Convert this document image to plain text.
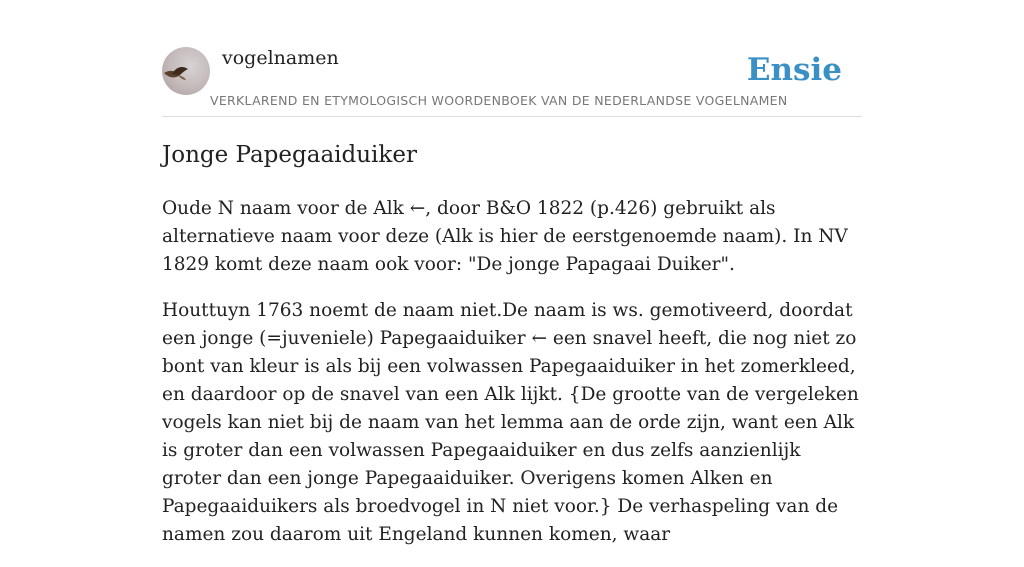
vogelnamen
VERKLAREND EN ETYMOLOGISCH WOORDENBOEK VAN DE NEDERLANDSE VOGELNAMEN
Ensie
Jonge Papegaaiduiker

Oude N naam voor de Alk ←, door B&O 1822 (p.426) gebruikt als alternatieve naam voor deze (Alk is hier de eerstgenoemde naam). In NV 1829 komt deze naam ook voor: "De jonge Papagaai Duiker".

Houttuyn 1763 noemt de naam niet.De naam is ws. gemotiveerd, doordat een jonge (=juveniele) Papegaaiduiker ← een snavel heeft, die nog niet zo bont van kleur is als bij een volwassen Papegaaiduiker in het zomerkleed, en daardoor op de snavel van een Alk lijkt. {De grootte van de vergeleken vogels kan niet bij de naam van het lemma aan de orde zijn, want een Alk is groter dan een volwassen Papegaaiduiker en dus zelfs aanzienlijk groter dan een jonge Papegaaiduiker. Overigens komen Alken en Papegaaiduikers als broedvogel in N niet voor.} De verhaspeling van de namen zou daarom uit Engeland kunnen komen, waar
